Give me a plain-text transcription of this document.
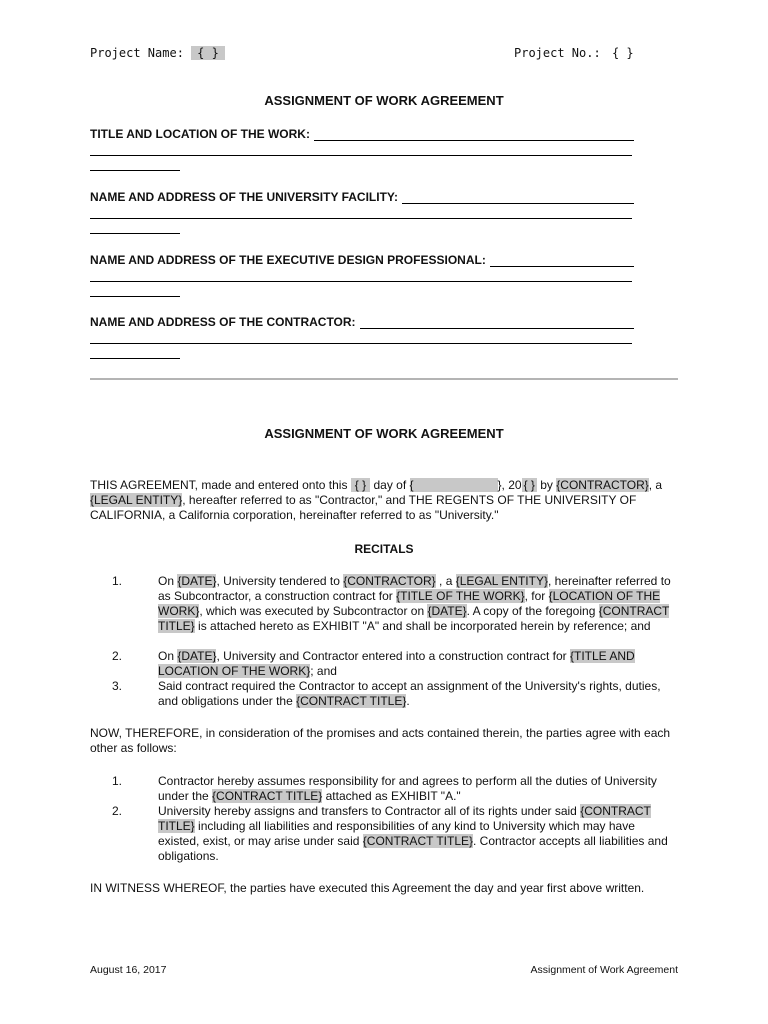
Project Name: { }	Project No.: { }
ASSIGNMENT OF WORK AGREEMENT
TITLE AND LOCATION OF THE WORK:
NAME AND ADDRESS OF THE UNIVERSITY FACILITY:
NAME AND ADDRESS OF THE EXECUTIVE DESIGN PROFESSIONAL:
NAME AND ADDRESS OF THE CONTRACTOR:
ASSIGNMENT OF WORK AGREEMENT
THIS AGREEMENT, made and entered onto this { } day of {	}, 20 { } by {CONTRACTOR}, a {LEGAL ENTITY}, hereafter referred to as "Contractor," and THE REGENTS OF THE UNIVERSITY OF CALIFORNIA, a California corporation, hereinafter referred to as "University."
RECITALS
1.	On {DATE}, University tendered to {CONTRACTOR} , a {LEGAL ENTITY}, hereinafter referred to as Subcontractor, a construction contract for {TITLE OF THE WORK}, for {LOCATION OF THE WORK}, which was executed by Subcontractor on {DATE}. A copy of the foregoing {CONTRACT TITLE} is attached hereto as EXHIBIT "A" and shall be incorporated herein by reference; and
2.	On {DATE}, University and Contractor entered into a construction contract for {TITLE AND LOCATION OF THE WORK}; and
3.	Said contract required the Contractor to accept an assignment of the University's rights, duties, and obligations under the {CONTRACT TITLE}.
NOW, THEREFORE, in consideration of the promises and acts contained therein, the parties agree with each other as follows:
1.	Contractor hereby assumes responsibility for and agrees to perform all the duties of University under the {CONTRACT TITLE} attached as EXHIBIT "A."
2.	University hereby assigns and transfers to Contractor all of its rights under said {CONTRACT TITLE} including all liabilities and responsibilities of any kind to University which may have existed, exist, or may arise under said {CONTRACT TITLE}. Contractor accepts all liabilities and obligations.
IN WITNESS WHEREOF, the parties have executed this Agreement the day and year first above written.
August 16, 2017	Assignment of Work Agreement
